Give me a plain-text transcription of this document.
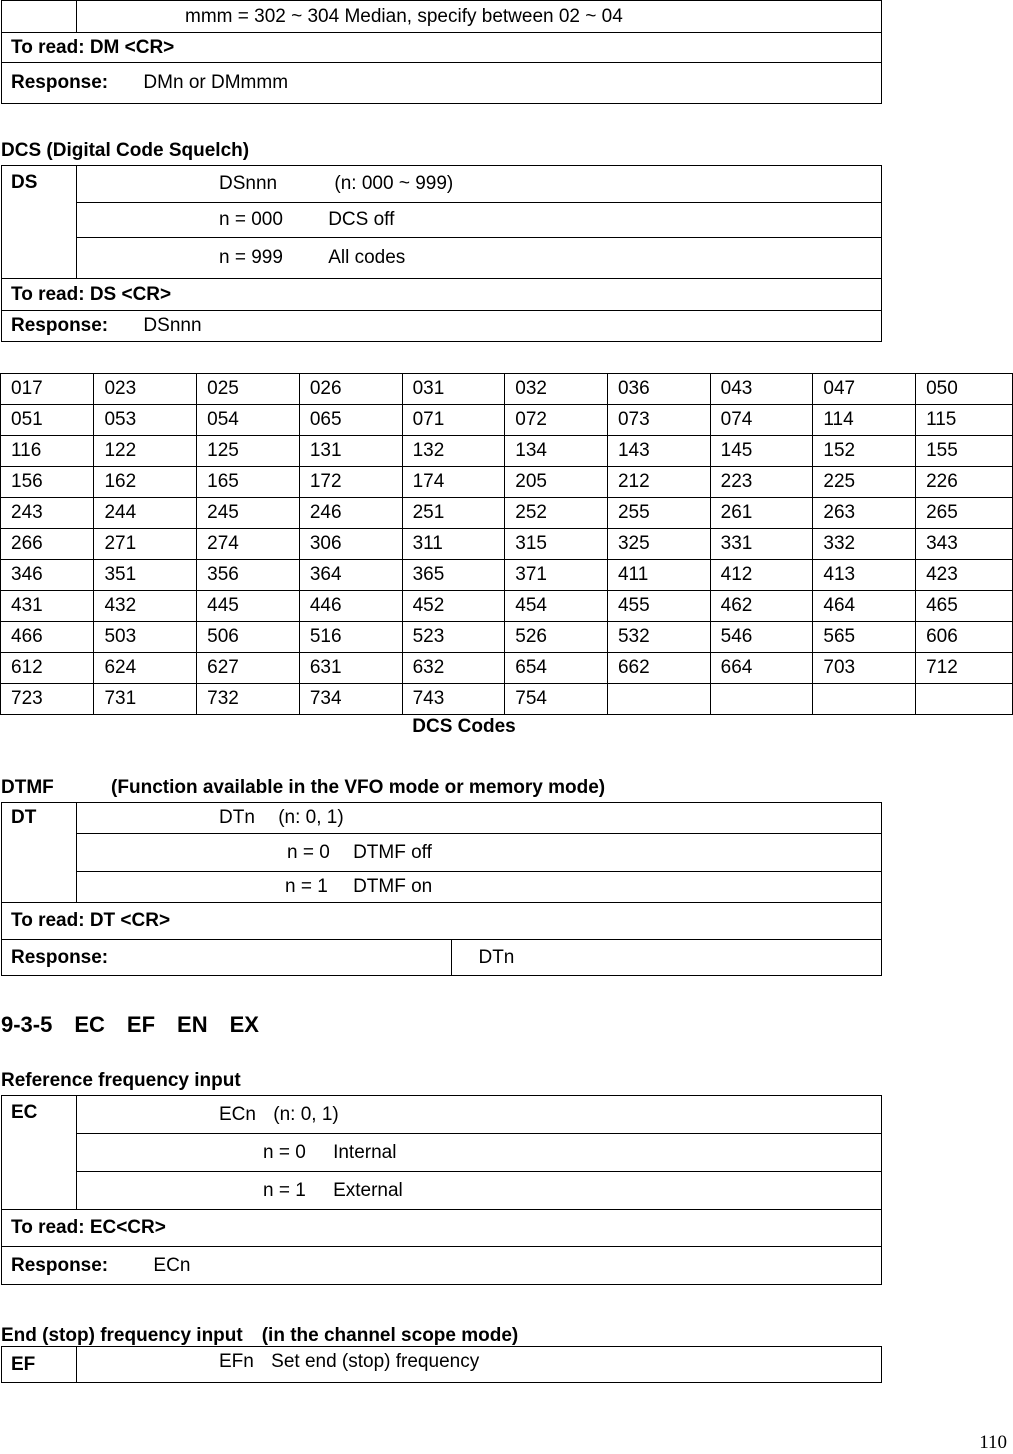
	mmm = 302 ~ 304 Median, specify between 02 ~ 04
To read: DM <CR>
Response: DMn or DMmmm
DCS (Digital Code Squelch)
DS	DSnnn	(n: 000 ~ 999)
n = 000 DCS off
n = 999 All codes
To read: DS <CR>
Response: DSnnn
017	023	025	026	031	032	036	043	047	050
051	053	054	065	071	072	073	074	114	115
116	122	125	131	132	134	143	145	152	155
156	162	165	172	174	205	212	223	225	226
243	244	245	246	251	252	255	261	263	265
266	271	274	306	311	315	325	331	332	343
346	351	356	364	365	371	411	412	413	423
431	432	445	446	452	454	455	462	464	465
466	503	506	516	523	526	532	546	565	606
612	624	627	631	632	654	662	664	703	712
723	731	732	734	743	754				
DCS Codes
DTMF	(Function available in the VFO mode or memory mode)
DT	DTn (n: 0, 1)	
	n = 0 DTMF off	
	n = 1 DTMF on	
To read: DT <CR>		
Response:		DTn
9-3-5　EC　EF　EN　EX
Reference frequency input
EC	ECn (n: 0, 1)
n = 0 Internal
n = 1 External
To read: EC<CR>
Response: ECn
End (stop) frequency input　(in the channel scope mode)
EF	EFn Set end (stop) frequency
110
